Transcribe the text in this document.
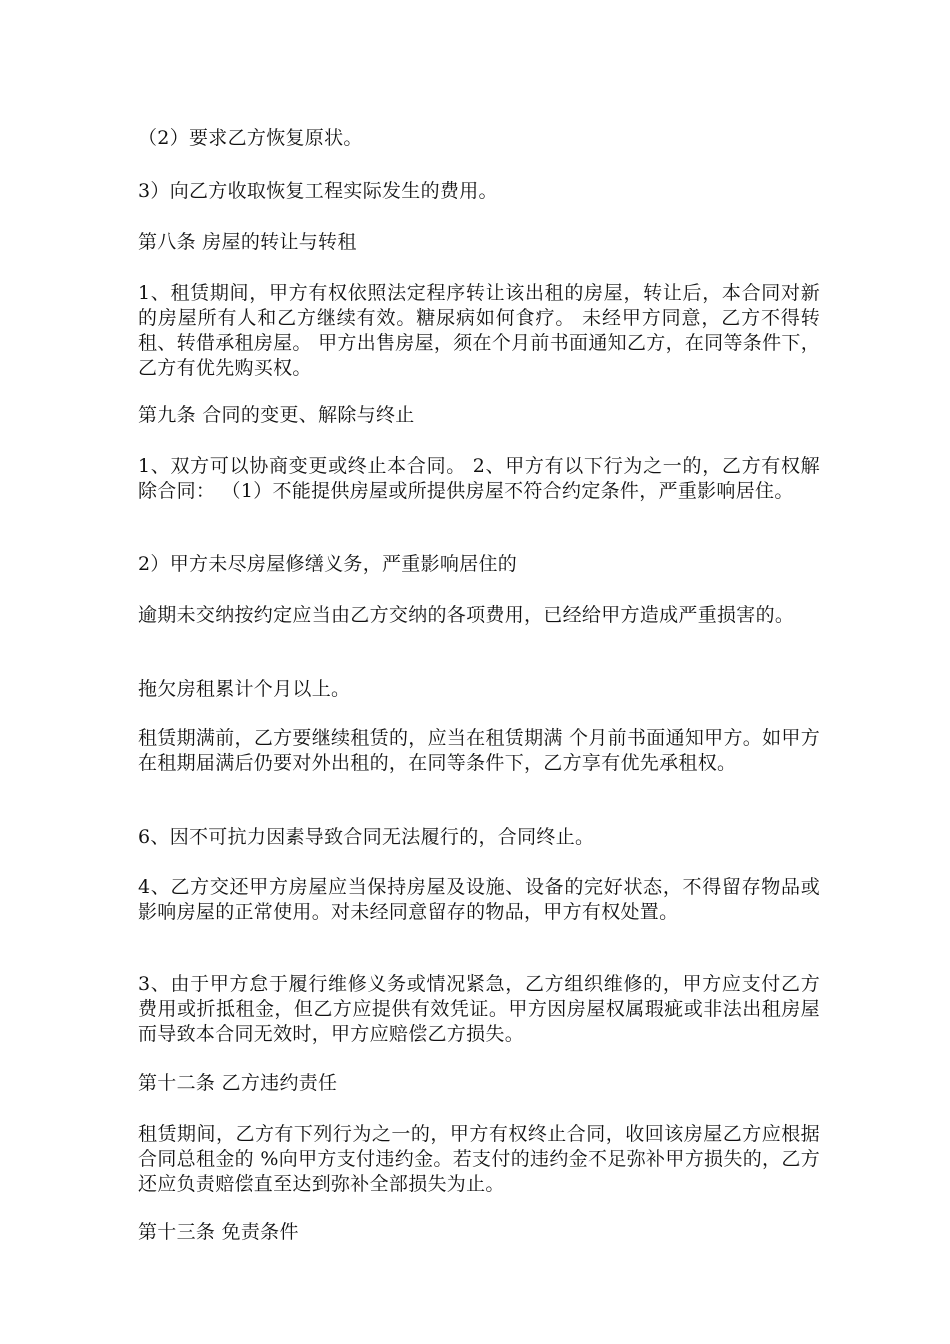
（2）要求乙方恢复原状。

3）向乙方收取恢复工程实际发生的费用。

第八条 房屋的转让与转租

1、租赁期间，甲方有权依照法定程序转让该出租的房屋，转让后，本合同对新的房屋所有人和乙方继续有效。糖尿病如何食疗。 未经甲方同意，乙方不得转租、转借承租房屋。 甲方出售房屋，须在个月前书面通知乙方，在同等条件下，乙方有优先购买权。

第九条 合同的变更、解除与终止

1、双方可以协商变更或终止本合同。 2、甲方有以下行为之一的，乙方有权解除合同： （1）不能提供房屋或所提供房屋不符合约定条件，严重影响居住。

2）甲方未尽房屋修缮义务，严重影响居住的

逾期未交纳按约定应当由乙方交纳的各项费用，已经给甲方造成严重损害的。

拖欠房租累计个月以上。

租赁期满前，乙方要继续租赁的，应当在租赁期满 个月前书面通知甲方。如甲方在租期届满后仍要对外出租的，在同等条件下，乙方享有优先承租权。

6、因不可抗力因素导致合同无法履行的，合同终止。

4、乙方交还甲方房屋应当保持房屋及设施、设备的完好状态，不得留存物品或影响房屋的正常使用。对未经同意留存的物品，甲方有权处置。

3、由于甲方怠于履行维修义务或情况紧急，乙方组织维修的，甲方应支付乙方费用或折抵租金，但乙方应提供有效凭证。甲方因房屋权属瑕疵或非法出租房屋而导致本合同无效时，甲方应赔偿乙方损失。

第十二条 乙方违约责任

租赁期间，乙方有下列行为之一的，甲方有权终止合同，收回该房屋乙方应根据合同总租金的 %向甲方支付违约金。若支付的违约金不足弥补甲方损失的，乙方还应负责赔偿直至达到弥补全部损失为止。

第十三条 免责条件
